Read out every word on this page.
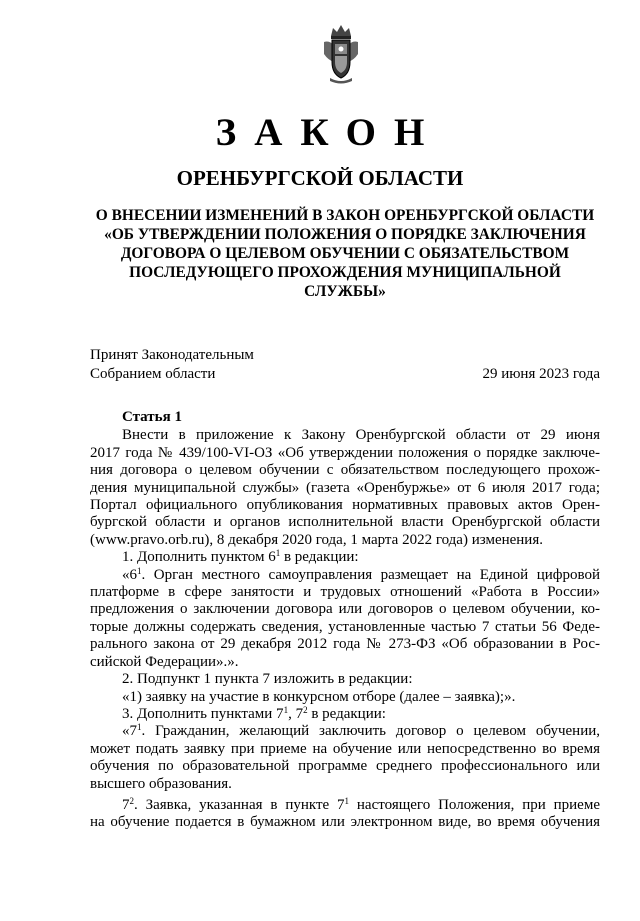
ЗАКОН
ОРЕНБУРГСКОЙ ОБЛАСТИ
О ВНЕСЕНИИ ИЗМЕНЕНИЙ В ЗАКОН ОРЕНБУРГСКОЙ ОБЛАСТИ
«ОБ УТВЕРЖДЕНИИ ПОЛОЖЕНИЯ О ПОРЯДКЕ ЗАКЛЮЧЕНИЯ
ДОГОВОРА О ЦЕЛЕВОМ ОБУЧЕНИИ С ОБЯЗАТЕЛЬСТВОМ
ПОСЛЕДУЮЩЕГО ПРОХОЖДЕНИЯ МУНИЦИПАЛЬНОЙ
СЛУЖБЫ»
Принят Законодательным
Собранием области	29 июня 2023 года
Статья 1
Внести в приложение к Закону Оренбургской области от 29 июня
2017 года № 439/100-VI-ОЗ «Об утверждении положения о порядке заключе-
ния договора о целевом обучении с обязательством последующего прохож-
дения муниципальной службы» (газета «Оренбуржье» от 6 июля 2017 года;
Портал официального опубликования нормативных правовых актов Орен-
бургской области и органов исполнительной власти Оренбургской области
(www.pravo.orb.ru), 8 декабря 2020 года, 1 марта 2022 года) изменения.
1. Дополнить пунктом $6^1$ в редакции:
«$6^1$. Орган местного самоуправления размещает на Единой цифровой
платформе в сфере занятости и трудовых отношений «Работа в России»
предложения о заключении договора или договоров о целевом обучении, ко-
торые должны содержать сведения, установленные частью 7 статьи 56 Феде-
рального закона от 29 декабря 2012 года № 273-ФЗ «Об образовании в Рос-
сийской Федерации».».
2. Подпункт 1 пункта 7 изложить в редакции:
«1) заявку на участие в конкурсном отборе (далее – заявка);».
3. Дополнить пунктами $7^1$, $7^2$ в редакции:
«$7^1$. Гражданин, желающий заключить договор о целевом обучении,
может подать заявку при приеме на обучение или непосредственно во время
обучения по образовательной программе среднего профессионального или
высшего образования.
$7^2$. Заявка, указанная в пункте $7^1$ настоящего Положения, при приеме
на обучение подается в бумажном или электронном виде, во время обучения
